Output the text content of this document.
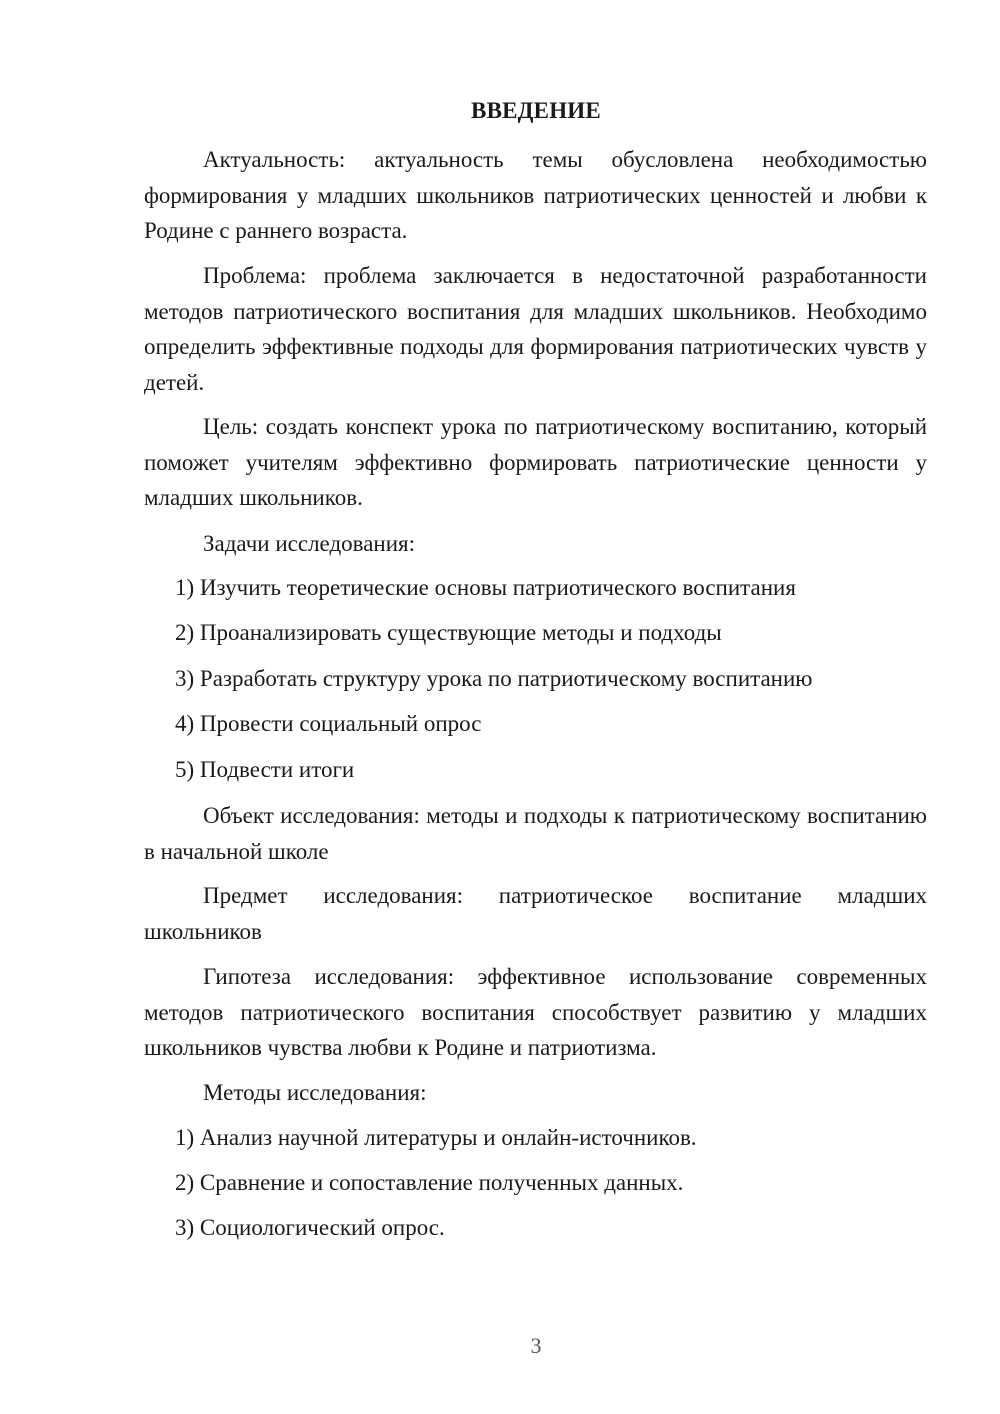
ВВЕДЕНИЕ
Актуальность: актуальность темы обусловлена необходимостью формирования у младших школьников патриотических ценностей и любви к Родине с раннего возраста.
Проблема: проблема заключается в недостаточной разработанности методов патриотического воспитания для младших школьников. Необходимо определить эффективные подходы для формирования патриотических чувств у детей.
Цель: создать конспект урока по патриотическому воспитанию, который поможет учителям эффективно формировать патриотические ценности у младших школьников.
Задачи исследования:
1) Изучить теоретические основы патриотического воспитания
2) Проанализировать существующие методы и подходы
3) Разработать структуру урока по патриотическому воспитанию
4) Провести социальный опрос
5) Подвести итоги
Объект исследования: методы и подходы к патриотическому воспитанию в начальной школе
Предмет исследования: патриотическое воспитание младших школьников
Гипотеза исследования: эффективное использование современных методов патриотического воспитания способствует развитию у младших школьников чувства любви к Родине и патриотизма.
Методы исследования:
1) Анализ научной литературы и онлайн-источников.
2) Сравнение и сопоставление полученных данных.
3) Социологический опрос.
3
